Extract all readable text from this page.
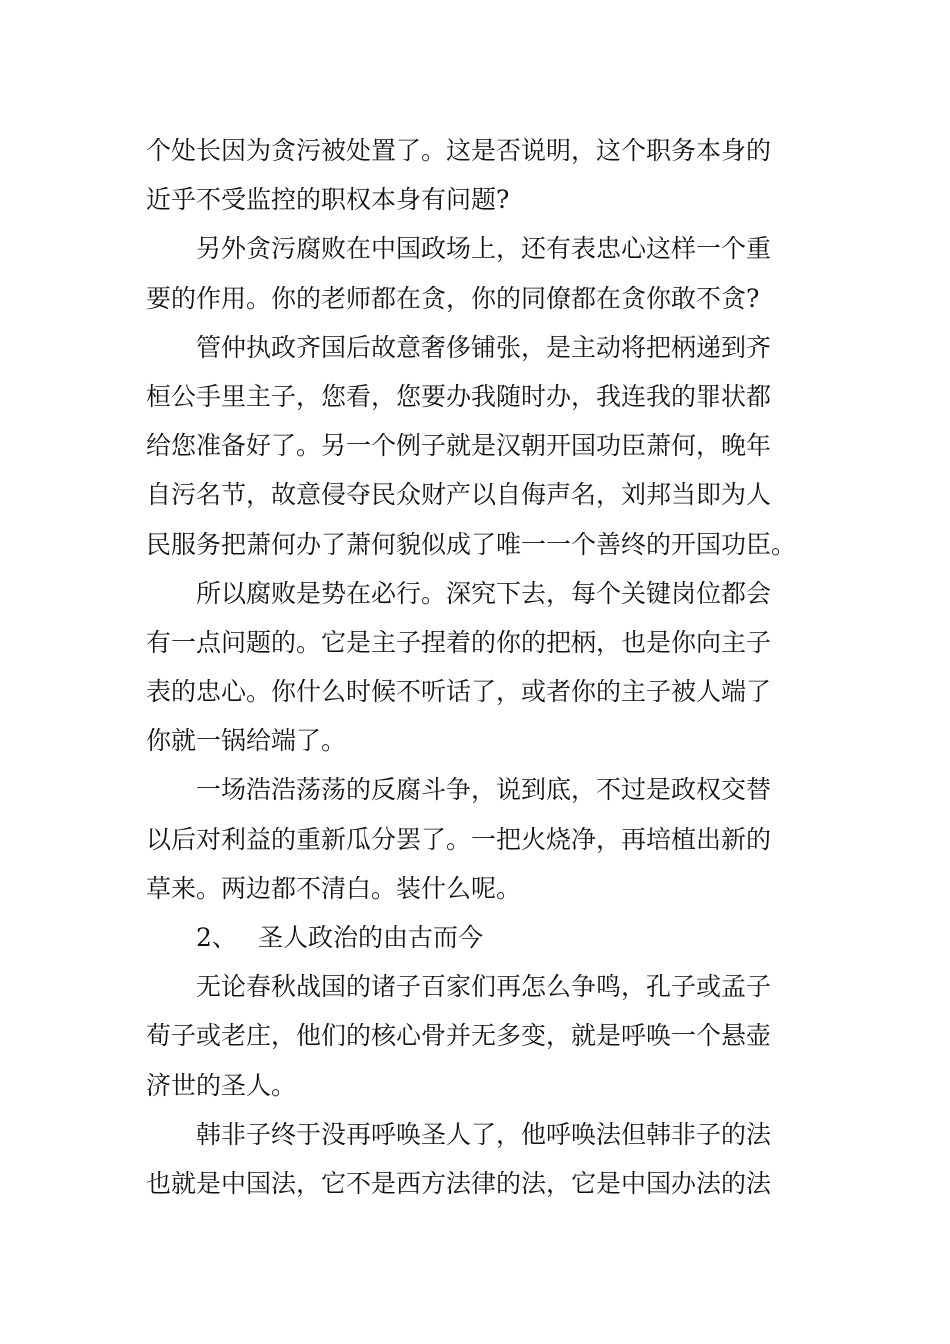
个处长因为贪污被处置了。这是否说明，这个职务本身的
近乎不受监控的职权本身有问题?
另外贪污腐败在中国政场上，还有表忠心这样一个重
要的作用。你的老师都在贪，你的同僚都在贪你敢不贪?
管仲执政齐国后故意奢侈铺张，是主动将把柄递到齐
桓公手里主子，您看，您要办我随时办，我连我的罪状都
给您准备好了。另一个例子就是汉朝开国功臣萧何，晚年
自污名节，故意侵夺民众财产以自侮声名，刘邦当即为人
民服务把萧何办了萧何貌似成了唯一一个善终的开国功臣。
所以腐败是势在必行。深究下去，每个关键岗位都会
有一点问题的。它是主子捏着的你的把柄，也是你向主子
表的忠心。你什么时候不听话了，或者你的主子被人端了
你就一锅给端了。
一场浩浩荡荡的反腐斗争，说到底，不过是政权交替
以后对利益的重新瓜分罢了。一把火烧净，再培植出新的
草来。两边都不清白。装什么呢。
2、 圣人政治的由古而今
无论春秋战国的诸子百家们再怎么争鸣，孔子或孟子
荀子或老庄，他们的核心骨并无多变，就是呼唤一个悬壶
济世的圣人。
韩非子终于没再呼唤圣人了，他呼唤法但韩非子的法
也就是中国法，它不是西方法律的法，它是中国办法的法
